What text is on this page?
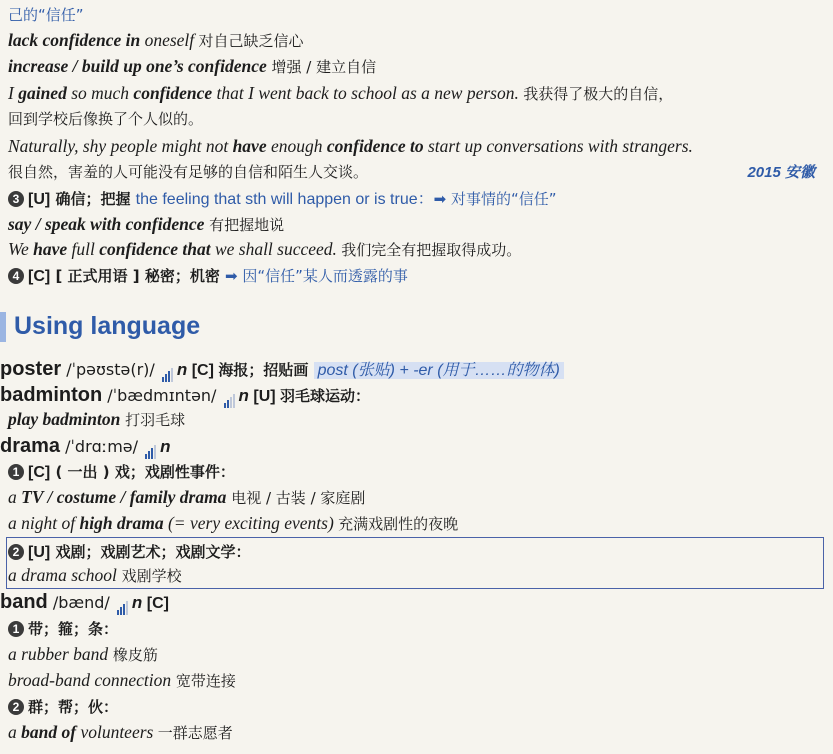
己的“信任”
lack confidence in oneself 对自己缺乏信心
increase / build up one’s confidence 增强 / 建立自信
I gained so much confidence that I went back to school as a new person. 我获得了极大的自信，
回到学校后像换了个人似的。
Naturally, shy people might not have enough confidence to start up conversations with strangers.
很自然，害羞的人可能没有足够的自信和陌生人交谈。	2015 安徽
3 [U] 确信；把握 the feeling that sth will happen or is true：➡ 对事情的“信任”
say / speak with confidence 有把握地说
We have full confidence that we shall succeed. 我们完全有把握取得成功。
4 [C] [ 正式用语 ] 秘密；机密 ➡ 因“信任”某人而透露的事
Using language
poster /ˈpəʊstə(r)/ n [C] 海报；招贴画 post (张贴) + -er (用于……的物体)
badminton /ˈbædmɪntən/ n [U] 羽毛球运动：
play badminton 打羽毛球
drama /ˈdrɑːmə/ n
1 [C] ( 一出 ) 戏；戏剧性事件：
a TV / costume / family drama 电视 / 古装 / 家庭剧
a night of high drama (= very exciting events) 充满戏剧性的夜晚
2 [U] 戏剧；戏剧艺术；戏剧文学：
a drama school 戏剧学校
band /bænd/ n [C]
1 带；箍；条：
a rubber band 橡皮筋
broad-band connection 宽带连接
2 群；帮；伙：
a band of volunteers 一群志愿者
